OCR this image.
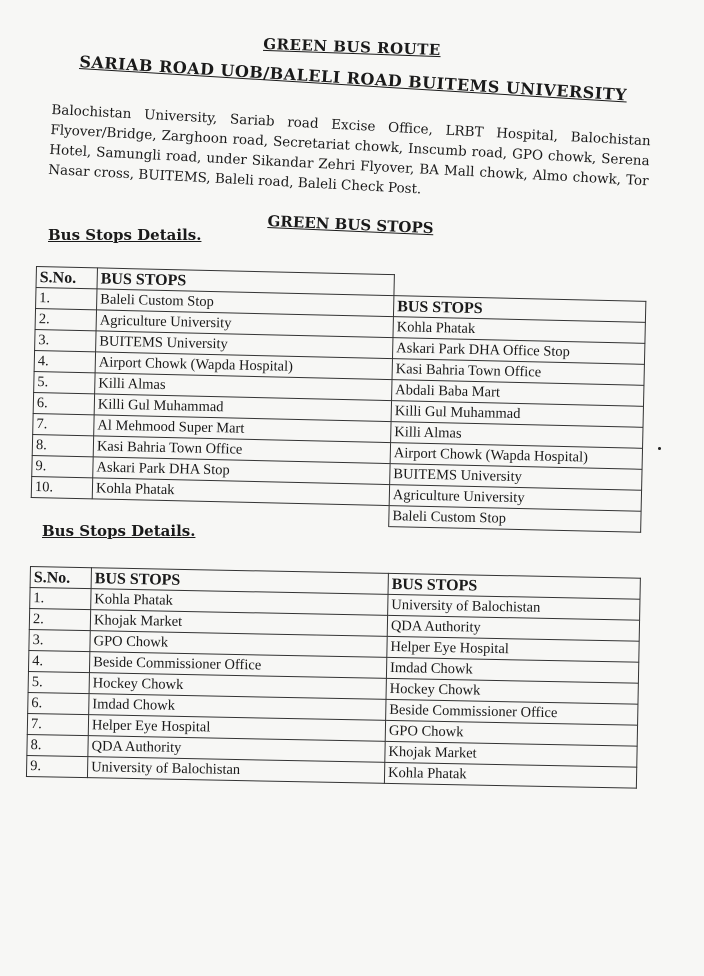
GREEN BUS ROUTE
SARIAB ROAD UOB/BALELI ROAD BUITEMS UNIVERSITY
Balochistan University, Sariab road Excise Office, LRBT Hospital, Balochistan Flyover/Bridge, Zarghoon road, Secretariat chowk, Inscumb road, GPO chowk, Serena Hotel, Samungli road, under Sikandar Zehri Flyover, BA Mall chowk, Almo chowk, Tor Nasar cross, BUITEMS, Baleli road, Baleli Check Post.
GREEN BUS STOPS
Bus Stops Details.
S.No.	BUS STOPS	
1.	Baleli Custom Stop	BUS STOPS
2.	Agriculture University	Kohla Phatak
3.	BUITEMS University	Askari Park DHA Office Stop
4.	Airport Chowk (Wapda Hospital)	Kasi Bahria Town Office
5.	Killi Almas	Abdali Baba Mart
6.	Killi Gul Muhammad	Killi Gul Muhammad
7.	Al Mehmood Super Mart	Killi Almas
8.	Kasi Bahria Town Office	Airport Chowk (Wapda Hospital)
9.	Askari Park DHA Stop	BUITEMS University
10.	Kohla Phatak	Agriculture University
		Baleli Custom Stop
Bus Stops Details.
S.No.	BUS STOPS	BUS STOPS
1.	Kohla Phatak	University of Balochistan
2.	Khojak Market	QDA Authority
3.	GPO Chowk	Helper Eye Hospital
4.	Beside Commissioner Office	Imdad Chowk
5.	Hockey Chowk	Hockey Chowk
6.	Imdad Chowk	Beside Commissioner Office
7.	Helper Eye Hospital	GPO Chowk
8.	QDA Authority	Khojak Market
9.	University of Balochistan	Kohla Phatak
